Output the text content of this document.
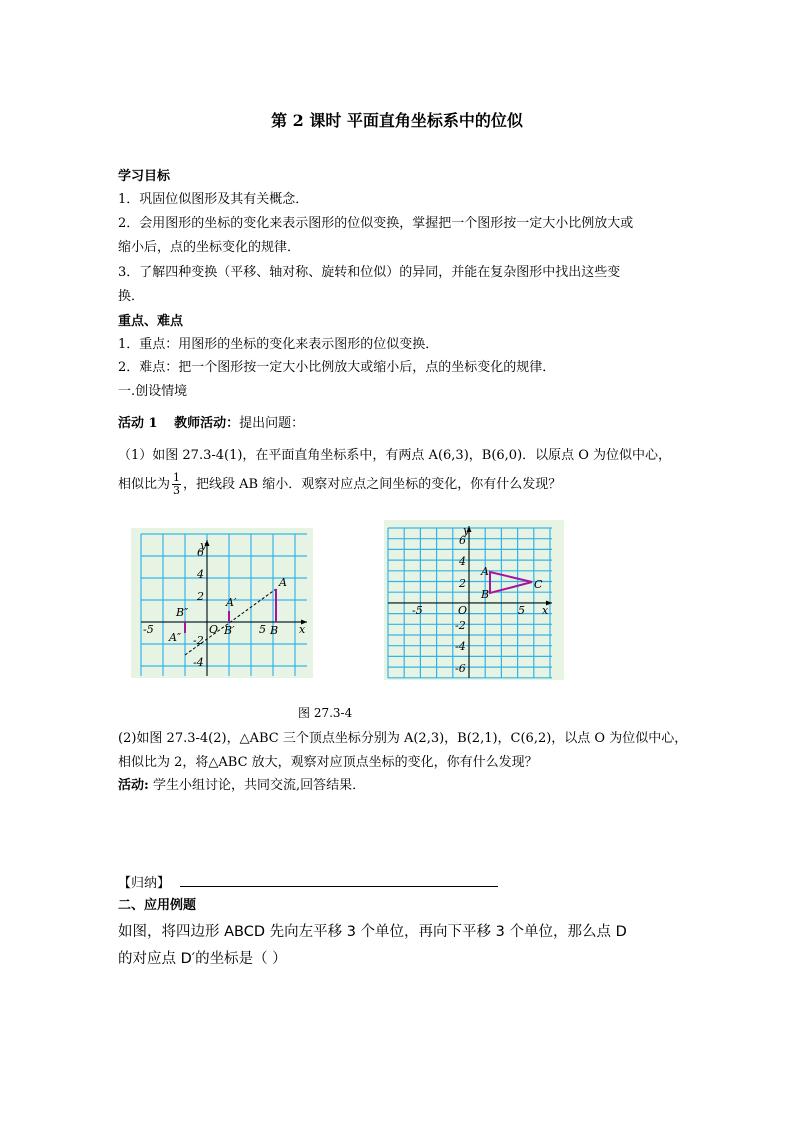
第 2 课时 平面直角坐标系中的位似
学习目标
1．巩固位似图形及其有关概念．
2．会用图形的坐标的变化来表示图形的位似变换，掌握把一个图形按一定大小比例放大或
缩小后，点的坐标变化的规律．
3．了解四种变换（平移、轴对称、旋转和位似）的异同，并能在复杂图形中找出这些变
换．
重点、难点
1．重点：用图形的坐标的变化来表示图形的位似变换．
2．难点：把一个图形按一定大小比例放大或缩小后，点的坐标变化的规律．
一.创设情境
活动 1 教师活动：提出问题：
（1）如图 27.3-4(1)，在平面直角坐标系中，有两点 A(6,3)，B(6,0)．以原点 O 为位似中心，
相似比为 $\frac{1}{3}$ ，把线段 AB 缩小．观察对应点之间坐标的变化，你有什么发现？
y
x
O
6
4
2
-2
-4
-5	5
A
B
A′
B′
A″
B″
y
x
O
6
4
2
-2
-4
-6
-5	5
A
B
C
图 27.3-4
(2)如图 27.3-4(2)，△ABC 三个顶点坐标分别为 A(2,3)，B(2,1)，C(6,2)，以点 O 为位似中心，
相似比为 2，将△ABC 放大，观察对应顶点坐标的变化，你有什么发现？
活动: 学生小组讨论，共同交流,回答结果．
【归纳】
二、应用例题
如图，将四边形 ABCD 先向左平移 3 个单位，再向下平移 3 个单位，那么点 D
的对应点 D′的坐标是（ ）
